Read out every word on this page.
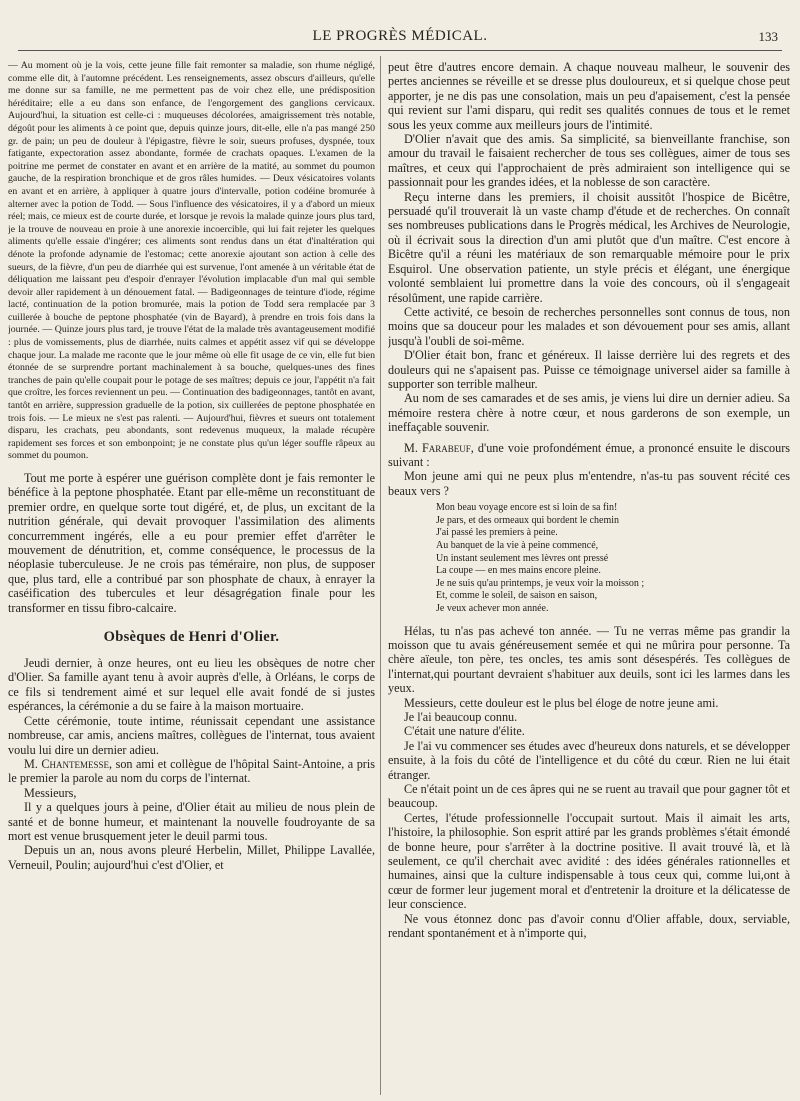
LE PROGRÈS MÉDICAL.	133

— Au moment où je la vois, cette jeune fille fait remonter sa maladie, son rhume négligé, comme elle dit, à l'automne précédent. Les renseignements, assez obscurs d'ailleurs, qu'elle me donne sur sa famille, ne me permettent pas de voir chez elle, une prédisposition héréditaire; elle a eu dans son enfance, de l'engorgement des ganglions cervicaux. Aujourd'hui, la situation est celle-ci : muqueuses décolorées, amaigrissement très notable, dégoût pour les aliments à ce point que, depuis quinze jours, dit-elle, elle n'a pas mangé 250 gr. de pain; un peu de douleur à l'épigastre, fièvre le soir, sueurs profuses, dyspnée, toux fatigante, expectoration assez abondante, formée de crachats opaques. L'examen de la poitrine me permet de constater en avant et en arrière de la matité, au sommet du poumon gauche, de la respiration bronchique et de gros râles humides. — Deux vésicatoires volants en avant et en arrière, à appliquer à quatre jours d'intervalle, potion codéine bromurée à alterner avec la potion de Todd. — Sous l'influence des vésicatoires, il y a d'abord un mieux réel; mais, ce mieux est de courte durée, et lorsque je revois la malade quinze jours plus tard, je la trouve de nouveau en proie à une anorexie incoercible, qui lui fait rejeter les quelques aliments qu'elle essaie d'ingérer; ces aliments sont rendus dans un état d'inaltération qui dénote la profonde adynamie de l'estomac; cette anorexie ajoutant son action à celle des sueurs, de la fièvre, d'un peu de diarrhée qui est survenue, l'ont amenée à un véritable état de déliquation me laissant peu d'espoir d'enrayer l'évolution implacable d'un mal qui semble devoir aller rapidement à un dénouement fatal. — Badigeonnages de teinture d'iode, régime lacté, continuation de la potion bromurée, mais la potion de Todd sera remplacée par 3 cuillerée à bouche de peptone phosphatée (vin de Bayard), à prendre en trois fois dans la journée. — Quinze jours plus tard, je trouve l'état de la malade très avantageusement modifié : plus de vomissements, plus de diarrhée, nuits calmes et appétit assez vif qui se développe chaque jour. La malade me raconte que le jour même où elle fit usage de ce vin, elle fut bien étonnée de se surprendre portant machinalement à sa bouche, quelques-unes des fines tranches de pain qu'elle coupait pour le potage de ses maîtres; depuis ce jour, l'appétit n'a fait que croître, les forces reviennent un peu. — Continuation des badigeonnages, tantôt en avant, tantôt en arrière, suppression graduelle de la potion, six cuillerées de peptone phosphatée en trois fois. — Le mieux ne s'est pas ralenti. — Aujourd'hui, fièvres et sueurs ont totalement disparu, les crachats, peu abondants, sont redevenus muqueux, la malade récupère rapidement ses forces et son embonpoint; je ne constate plus qu'un léger souffle râpeux au sommet du poumon.

Tout me porte à espérer une guérison complète dont je fais remonter le bénéfice à la peptone phosphatée. Etant par elle-même un reconstituant de premier ordre, en quelque sorte tout digéré, et, de plus, un excitant de la nutrition générale, qui devait provoquer l'assimilation des aliments concurremment ingérés, elle a eu pour premier effet d'arrêter le mouvement de dénutrition, et, comme conséquence, le processus de la néoplasie tuberculeuse. Je ne crois pas téméraire, non plus, de supposer que, plus tard, elle a contribué par son phosphate de chaux, à enrayer la caséification des tubercules et leur désagrégation finale pour les transformer en tissu fibro-calcaire.

Obsèques de Henri d'Olier.

Jeudi dernier, à onze heures, ont eu lieu les obsèques de notre cher d'Olier. Sa famille ayant tenu à avoir auprès d'elle, à Orléans, le corps de ce fils si tendrement aimé et sur lequel elle avait fondé de si justes espérances, la cérémonie a du se faire à la maison mortuaire.

Cette cérémonie, toute intime, réunissait cependant une assistance nombreuse, car amis, anciens maîtres, collègues de l'internat, tous avaient voulu lui dire un dernier adieu.

M. Chantemesse, son ami et collègue de l'hôpital Saint-Antoine, a pris le premier la parole au nom du corps de l'internat.

Messieurs,

Il y a quelques jours à peine, d'Olier était au milieu de nous plein de santé et de bonne humeur, et maintenant la nouvelle foudroyante de sa mort est venue brusquement jeter le deuil parmi tous.

Depuis un an, nous avons pleuré Herbelin, Millet, Philippe Lavallée, Verneuil, Poulin; aujourd'hui c'est d'Olier, et

peut être d'autres encore demain. A chaque nouveau malheur, le souvenir des pertes anciennes se réveille et se dresse plus douloureux, et si quelque chose peut apporter, je ne dis pas une consolation, mais un peu d'apaisement, c'est la pensée qui revient sur l'ami disparu, qui redit ses qualités connues de tous et le remet sous les yeux comme aux meilleurs jours de l'intimité.

D'Olier n'avait que des amis. Sa simplicité, sa bienveillante franchise, son amour du travail le faisaient rechercher de tous ses collègues, aimer de tous ses maîtres, et ceux qui l'approchaient de près admiraient son intelligence qui se passionnait pour les grandes idées, et la noblesse de son caractère.

Reçu interne dans les premiers, il choisit aussitôt l'hospice de Bicêtre, persuadé qu'il trouverait là un vaste champ d'étude et de recherches. On connaît ses nombreuses publications dans le Progrès médical, les Archives de Neurologie, où il écrivait sous la direction d'un ami plutôt que d'un maître. C'est encore à Bicêtre qu'il a réuni les matériaux de son remarquable mémoire pour le prix Esquirol. Une observation patiente, un style précis et élégant, une énergique volonté semblaient lui promettre dans la voie des concours, où il s'engageait résolûment, une rapide carrière.

Cette activité, ce besoin de recherches personnelles sont connus de tous, non moins que sa douceur pour les malades et son dévouement pour ses amis, allant jusqu'à l'oubli de soi-même.

D'Olier était bon, franc et généreux. Il laisse derrière lui des regrets et des douleurs qui ne s'apaisent pas. Puisse ce témoignage universel aider sa famille à supporter son terrible malheur.

Au nom de ses camarades et de ses amis, je viens lui dire un dernier adieu. Sa mémoire restera chère à notre cœur, et nous garderons de son exemple, un ineffaçable souvenir.

M. Farabeuf, d'une voie profondément émue, a prononcé ensuite le discours suivant :

Mon jeune ami qui ne peux plus m'entendre, n'as-tu pas souvent récité ces beaux vers ?

Mon beau voyage encore est si loin de sa fin!
Je pars, et des ormeaux qui bordent le chemin
J'ai passé les premiers à peine.
Au banquet de la vie à peine commencé,
Un instant seulement mes lèvres ont pressé
La coupe — en mes mains encore pleine.
Je ne suis qu'au printemps, je veux voir la moisson ;
Et, comme le soleil, de saison en saison,
Je veux achever mon année.

Hélas, tu n'as pas achevé ton année. — Tu ne verras même pas grandir la moisson que tu avais généreusement semée et qui ne mûrira pour personne. Ta chère aïeule, ton père, tes oncles, tes amis sont désespérés. Tes collègues de l'internat,qui pourtant devraient s'habituer aux deuils, sont ici les larmes dans les yeux.

Messieurs, cette douleur est le plus bel éloge de notre jeune ami.

Je l'ai beaucoup connu.

C'était une nature d'élite.

Je l'ai vu commencer ses études avec d'heureux dons naturels, et se développer ensuite, à la fois du côté de l'intelligence et du côté du cœur. Rien ne lui était étranger.

Ce n'était point un de ces âpres qui ne se ruent au travail que pour gagner tôt et beaucoup.

Certes, l'étude professionnelle l'occupait surtout. Mais il aimait les arts, l'histoire, la philosophie. Son esprit attiré par les grands problèmes s'était émondé de bonne heure, pour s'arrêter à la doctrine positive. Il avait trouvé là, et là seulement, ce qu'il cherchait avec avidité : des idées générales rationnelles et humaines, ainsi que la culture indispensable à tous ceux qui, comme lui,ont à cœur de former leur jugement moral et d'entretenir la droiture et la délicatesse de leur conscience.

Ne vous étonnez donc pas d'avoir connu d'Olier affable, doux, serviable, rendant spontanément et à n'importe qui,
